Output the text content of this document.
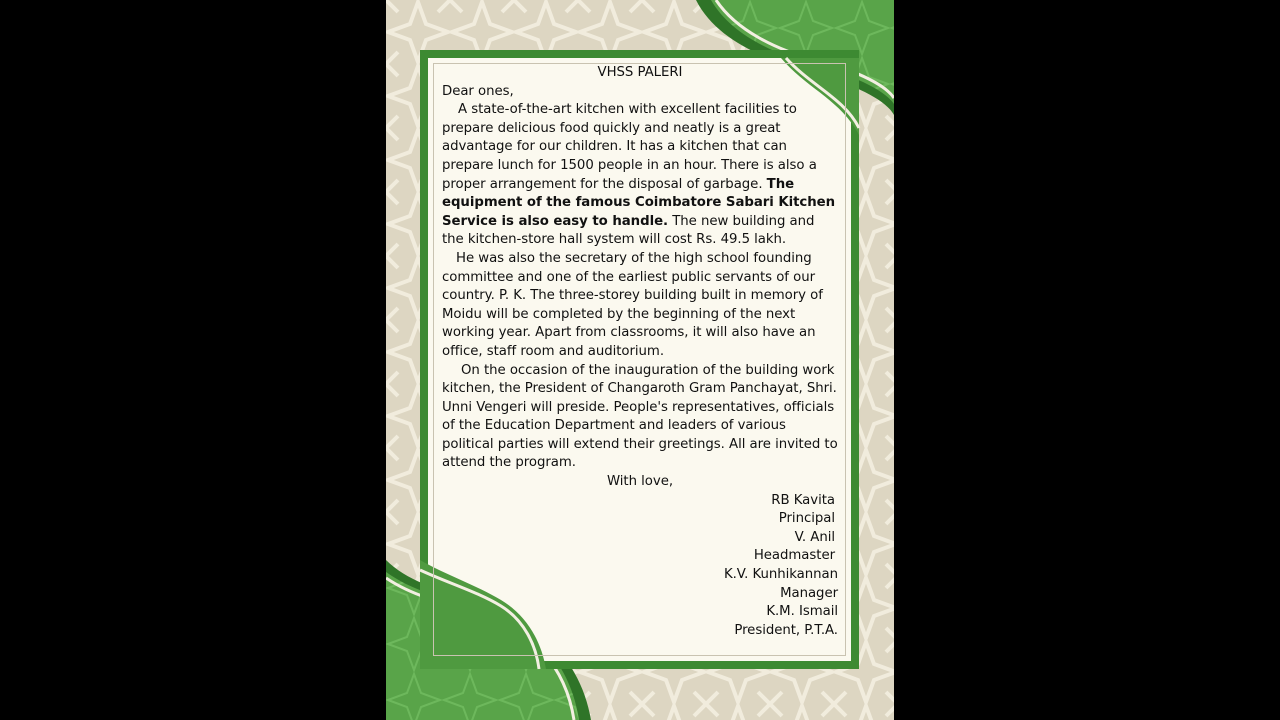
VHSS PALERI

Dear ones,

A state-of-the-art kitchen with excellent facilities to prepare delicious food quickly and neatly is a great advantage for our children. It has a kitchen that can prepare lunch for 1500 people in an hour. There is also a proper arrangement for the disposal of garbage. The equipment of the famous Coimbatore Sabari Kitchen Service is also easy to handle. The new building and the kitchen-store hall system will cost Rs. 49.5 lakh.

He was also the secretary of the high school founding committee and one of the earliest public servants of our country. P. K. The three-storey building built in memory of Moidu will be completed by the beginning of the next working year. Apart from classrooms, it will also have an office, staff room and auditorium.

On the occasion of the inauguration of the building work kitchen, the President of Changaroth Gram Panchayat, Shri. Unni Vengeri will preside. People's representatives, officials of the Education Department and leaders of various political parties will extend their greetings. All are invited to attend the program.

With love,

RB Kavita
Principal
V. Anil
Headmaster
K.V. Kunhikannan
Manager
K.M. Ismail
President, P.T.A.
